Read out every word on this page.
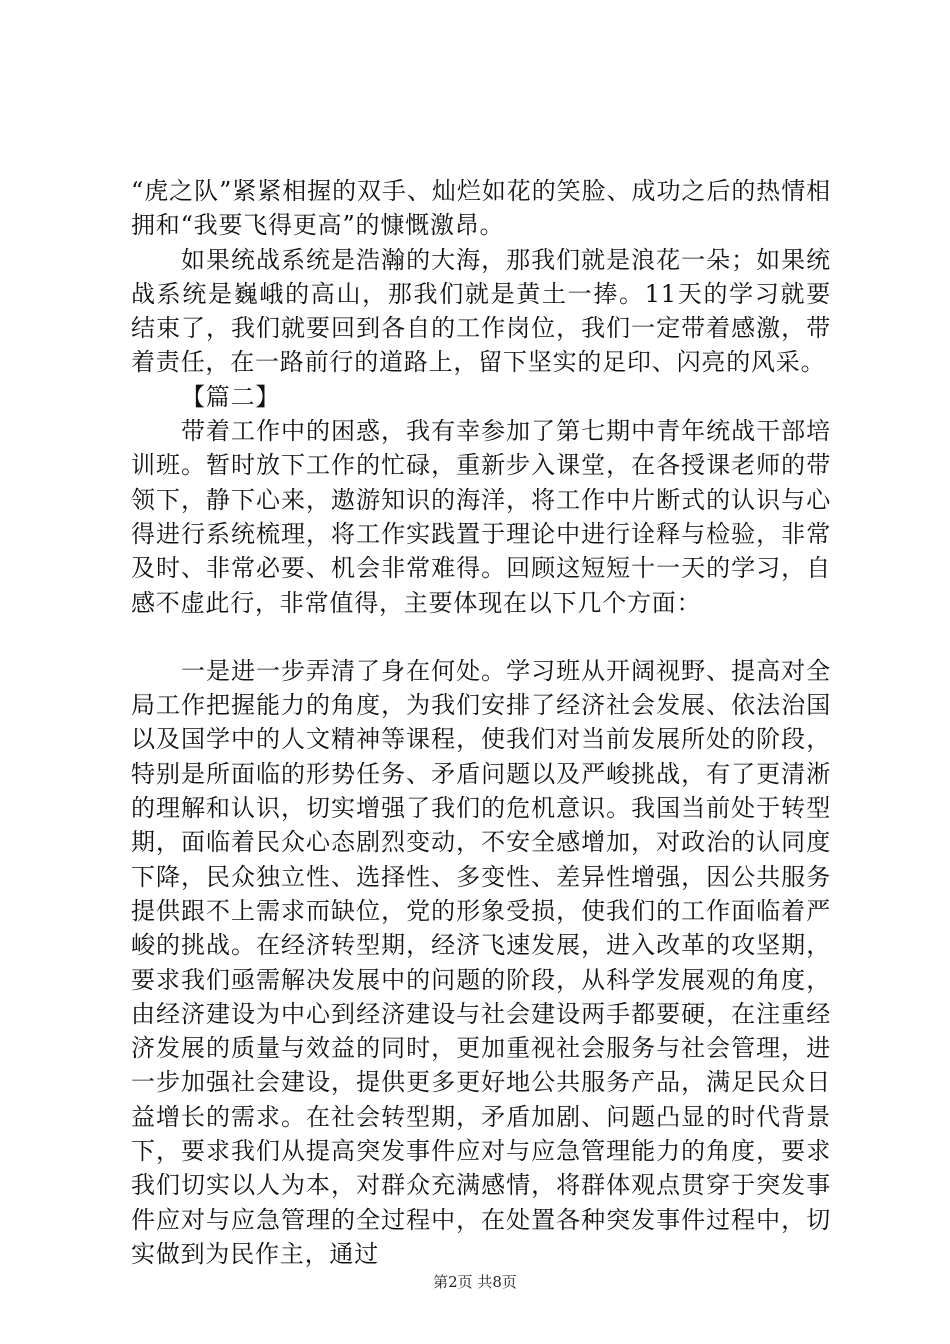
“虎之队”紧紧相握的双手、灿烂如花的笑脸、成功之后的热情相拥和“我要飞得更高”的慷慨激昂。

如果统战系统是浩瀚的大海，那我们就是浪花一朵；如果统战系统是巍峨的高山，那我们就是黄土一捧。11天的学习就要结束了，我们就要回到各自的工作岗位，我们一定带着感激，带着责任，在一路前行的道路上，留下坚实的足印、闪亮的风采。

【篇二】

带着工作中的困惑，我有幸参加了第七期中青年统战干部培训班。暂时放下工作的忙碌，重新步入课堂，在各授课老师的带领下，静下心来，遨游知识的海洋，将工作中片断式的认识与心得进行系统梳理，将工作实践置于理论中进行诠释与检验，非常及时、非常必要、机会非常难得。回顾这短短十一天的学习，自感不虚此行，非常值得，主要体现在以下几个方面：

一是进一步弄清了身在何处。学习班从开阔视野、提高对全局工作把握能力的角度，为我们安排了经济社会发展、依法治国以及国学中的人文精神等课程，使我们对当前发展所处的阶段，特别是所面临的形势任务、矛盾问题以及严峻挑战，有了更清淅的理解和认识，切实增强了我们的危机意识。我国当前处于转型期，面临着民众心态剧烈变动，不安全感增加，对政治的认同度下降，民众独立性、选择性、多变性、差异性增强，因公共服务提供跟不上需求而缺位，党的形象受损，使我们的工作面临着严峻的挑战。在经济转型期，经济飞速发展，进入改革的攻坚期，要求我们亟需解决发展中的问题的阶段，从科学发展观的角度，由经济建设为中心到经济建设与社会建设两手都要硬，在注重经济发展的质量与效益的同时，更加重视社会服务与社会管理，进一步加强社会建设，提供更多更好地公共服务产品，满足民众日益增长的需求。在社会转型期，矛盾加剧、问题凸显的时代背景下，要求我们从提高突发事件应对与应急管理能力的角度，要求我们切实以人为本，对群众充满感情，将群体观点贯穿于突发事件应对与应急管理的全过程中，在处置各种突发事件过程中，切实做到为民作主，通过

第2页 共8页
